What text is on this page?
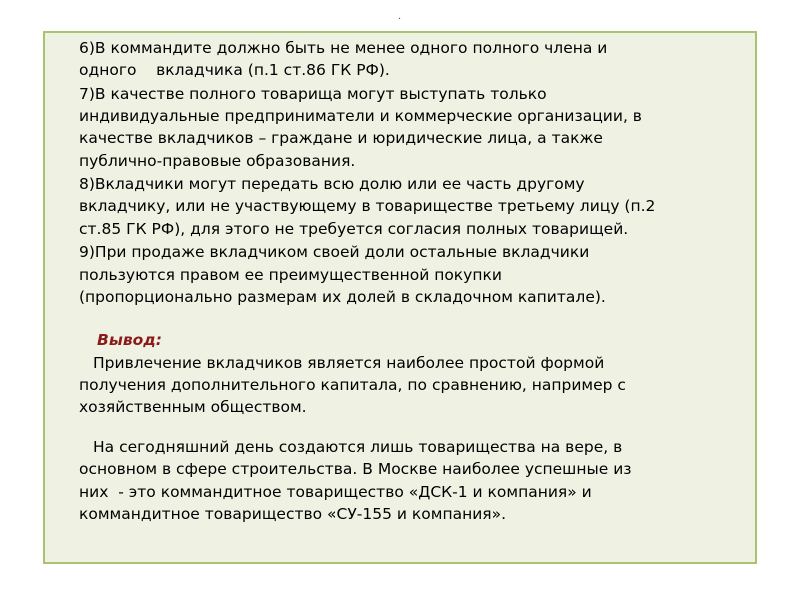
.

6)В коммандите должно быть не менее одного полного члена и
одного    вкладчика (п.1 ст.86 ГК РФ).

7)В качестве полного товарища могут выступать только
индивидуальные предприниматели и коммерческие организации, в
качестве вкладчиков – граждане и юридические лица, а также
публично-правовые образования.

8)Вкладчики могут передать всю долю или ее часть другому
вкладчику, или не участвующему в товариществе третьему лицу (п.2
ст.85 ГК РФ), для этого не требуется согласия полных товарищей.

9)При продаже вкладчиком своей доли остальные вкладчики
пользуются правом ее преимущественной покупки
(пропорционально размерам их долей в складочном капитале).

Вывод:

Привлечение вкладчиков является наиболее простой формой
получения дополнительного капитала, по сравнению, например с
хозяйственным обществом.

На сегодняшний день создаются лишь товарищества на вере, в
основном в сфере строительства. В Москве наиболее успешные из
них  - это коммандитное товарищество «ДСК-1 и компания» и
коммандитное товарищество «СУ-155 и компания».
